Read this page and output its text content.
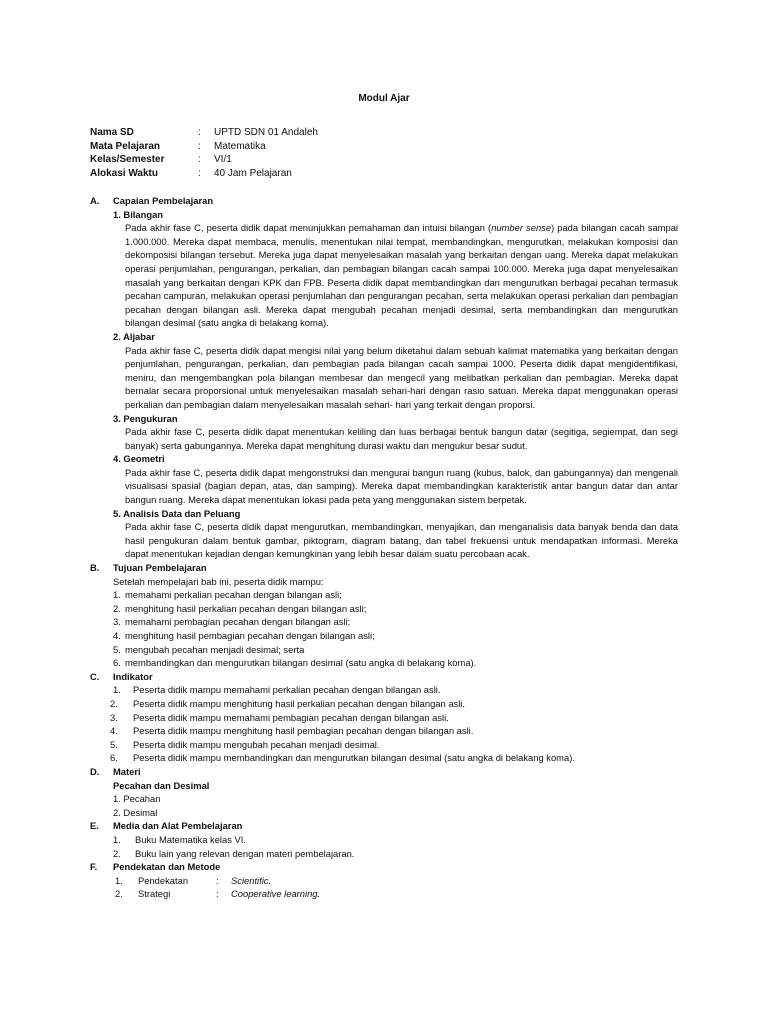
Modul Ajar
Nama SD	:	UPTD SDN 01 Andaleh
Mata Pelajaran	:	Matematika
Kelas/Semester	:	VI/1
Alokasi Waktu	:	40 Jam Pelajaran
A.	Capaian Pembelajaran
1. Bilangan
Pada akhir fase C, peserta didik dapat menunjukkan pemahaman dan intuisi bilangan (number sense) pada bilangan cacah sampai 1.000.000. Mereka dapat membaca, menulis, menentukan nilai tempat, membandingkan, mengurutkan, melakukan komposisi dan dekomposisi bilangan tersebut. Mereka juga dapat menyelesaikan masalah yang berkaitan dengan uang. Mereka dapat melakukan operasi penjumlahan, pengurangan, perkalian, dan pembagian bilangan cacah sampai 100.000. Mereka juga dapat menyelesaikan masalah yang berkaitan dengan KPK dan FPB. Peserta didik dapat membandingkan dan mengurutkan berbagai pecahan termasuk pecahan campuran, melakukan operasi penjumlahan dan pengurangan pecahan, serta melakukan operasi perkalian dan pembagian pecahan dengan bilangan asli. Mereka dapat mengubah pecahan menjadi desimal, serta membandingkan dan mengurutkan bilangan desimal (satu angka di belakang koma).
2. Aljabar
Pada akhir fase C, peserta didik dapat mengisi nilai yang belum diketahui dalam sebuah kalimat matematika yang berkaitan dengan penjumlahan, pengurangan, perkalian, dan pembagian pada bilangan cacah sampai 1000. Peserta didik dapat mengidentifikasi, meniru, dan mengembangkan pola bilangan membesar dan mengecil yang melibatkan perkalian dan pembagian. Mereka dapat bernalar secara proporsional untuk menyelesaikan masalah sehari-hari dengan rasio satuan. Mereka dapat menggunakan operasi perkalian dan pembagian dalam menyelesaikan masalah sehari- hari yang terkait dengan proporsi.
3. Pengukuran
Pada akhir fase C, peserta didik dapat menentukan keliling dan luas berbagai bentuk bangun datar (segitiga, segiempat, dan segi banyak) serta gabungannya. Mereka dapat menghitung durasi waktu dan mengukur besar sudut.
4. Geometri
Pada akhir fase C, peserta didik dapat mengonstruksi dan mengurai bangun ruang (kubus, balok, dan gabungannya) dan mengenali visualisasi spasial (bagian depan, atas, dan samping). Mereka dapat membandingkan karakteristik antar bangun datar dan antar bangun ruang. Mereka dapat menentukan lokasi pada peta yang menggunakan sistem berpetak.
5. Analisis Data dan Peluang
Pada akhir fase C, peserta didik dapat mengurutkan, membandingkan, menyajikan, dan menganalisis data banyak benda dan data hasil pengukuran dalam bentuk gambar, piktogram, diagram batang, dan tabel frekuensi untuk mendapatkan informasi. Mereka dapat menentukan kejadian dengan kemungkinan yang lebih besar dalam suatu percobaan acak.
B.	Tujuan Pembelajaran
Setelah mempelajari bab ini, peserta didik mampu:
1. memahami perkalian pecahan dengan bilangan asli;
2. menghitung hasil perkalian pecahan dengan bilangan asli;
3. memahami pembagian pecahan dengan bilangan asli;
4. menghitung hasil pembagian pecahan dengan bilangan asli;
5. mengubah pecahan menjadi desimal; serta
6. membandingkan dan mengurutkan bilangan desimal (satu angka di belakang koma).
C.	Indikator
1.	Peserta didik mampu memahami perkalian pecahan dengan bilangan asli.
2.	Peserta didik mampu menghitung hasil perkalian pecahan dengan bilangan asli.
3.	Peserta didik mampu memahami pembagian pecahan dengan bilangan asli.
4.	Peserta didik mampu menghitung hasil pembagian pecahan dengan bilangan asli.
5.	Peserta didik mampu mengubah pecahan menjadi desimal.
6.	Peserta didik mampu membandingkan dan mengurutkan bilangan desimal (satu angka di belakang koma).
D.	Materi
Pecahan dan Desimal
1. Pecahan
2. Desimal
E.	Media dan Alat Pembelajaran
1.	Buku Matematika kelas VI.
2.	Buku lain yang relevan dengan materi pembelajaran.
F.	Pendekatan dan Metode
1.	Pendekatan	:	Scientific.
2.	Strategi	:	Cooperative learning.
